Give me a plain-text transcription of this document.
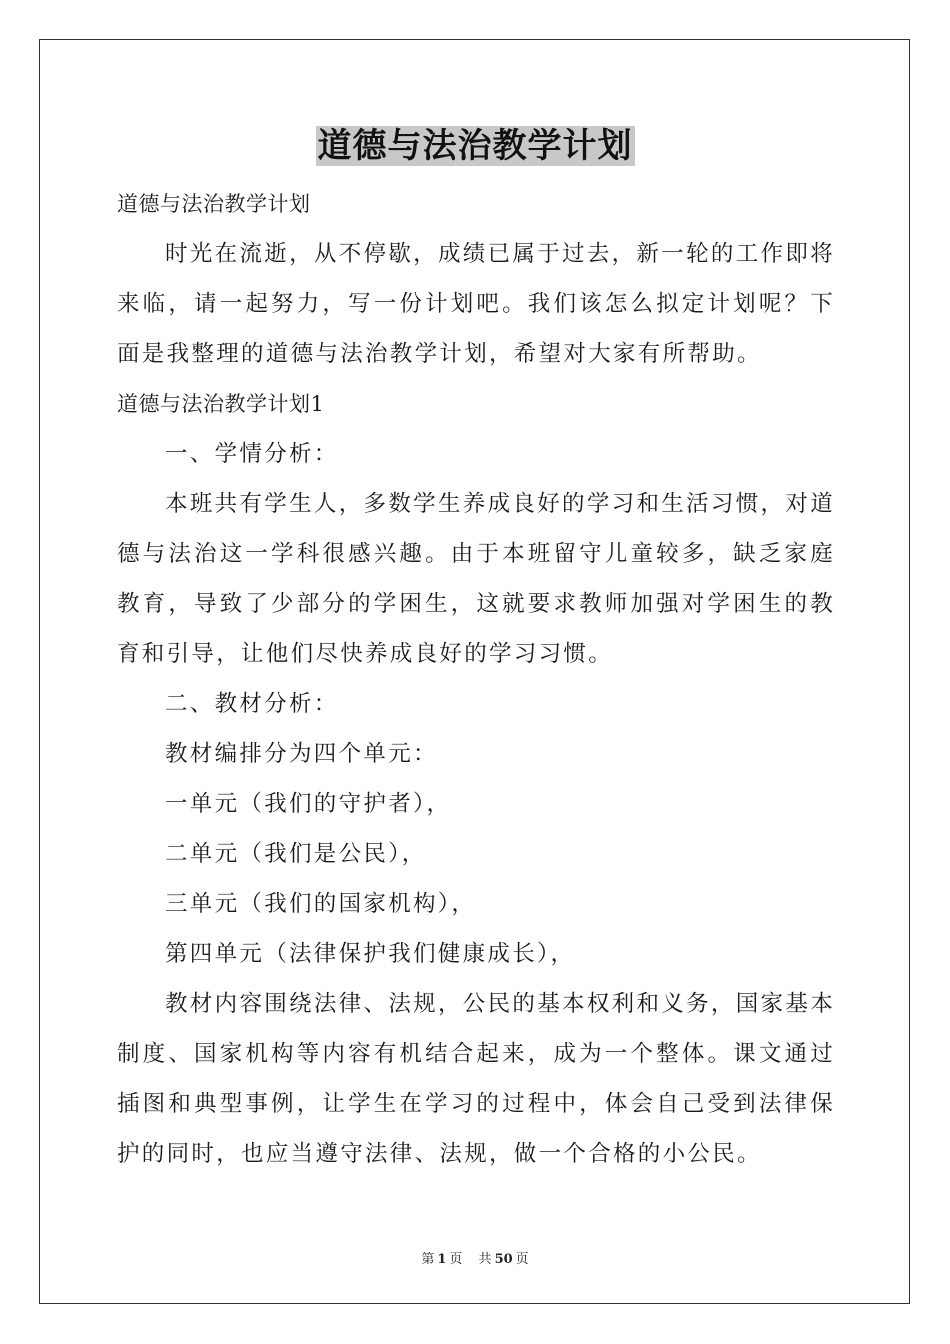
道德与法治教学计划

道德与法治教学计划

时光在流逝，从不停歇，成绩已属于过去，新一轮的工作即将来临，请一起努力，写一份计划吧。我们该怎么拟定计划呢？下面是我整理的道德与法治教学计划，希望对大家有所帮助。

道德与法治教学计划1

一、学情分析：

本班共有学生人，多数学生养成良好的学习和生活习惯，对道德与法治这一学科很感兴趣。由于本班留守儿童较多，缺乏家庭教育，导致了少部分的学困生，这就要求教师加强对学困生的教育和引导，让他们尽快养成良好的学习习惯。

二、教材分析：

教材编排分为四个单元：

一单元（我们的守护者），

二单元（我们是公民），

三单元（我们的国家机构），

第四单元（法律保护我们健康成长），

教材内容围绕法律、法规，公民的基本权利和义务，国家基本制度、国家机构等内容有机结合起来，成为一个整体。课文通过插图和典型事例，让学生在学习的过程中，体会自己受到法律保护的同时，也应当遵守法律、法规，做一个合格的小公民。

第 1 页 共 50 页
